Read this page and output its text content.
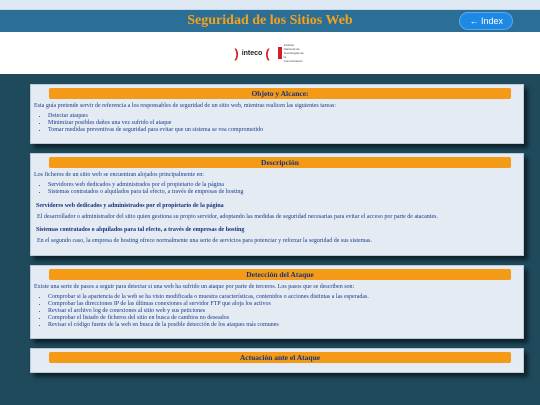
Seguridad de los Sitios Web	← Index
) inteco (
Instituto Nacional de Tecnologías de la Comunicación
Objeto y Alcance:

Esta guía pretende servir de referencia a los responsables de seguridad de un sitio web, mientras realicen las siguientes tareas:

• Detectar ataques
• Minimizar posibles daños una vez sufrido el ataque
• Tomar medidas preventivas de seguridad para evitar que un sistema se vea comprometido
Descripción

Los ficheros de un sitio web se encuentran alojados principalmente en:

• Servidores web dedicados y administrados por el propietario de la página
• Sistemas contratados o alquilados para tal efecto, a través de empresas de hosting
Servidores web dedicados y administrados por el propietario de la página

El desarrollador o administrador del sitio quien gestiona su propio servidor, adoptando las medidas de seguridad necesarias para evitar el acceso por parte de atacantes.

Sistemas contratados o alquilados para tal efecto, a través de empresas de hosting

En el segundo caso, la empresa de hosting ofrece normalmente una serie de servicios para potenciar y reforzar la seguridad de sus sistemas.

Detección del Ataque

Existe una serie de pasos a seguir para detectar si una web ha sufrido un ataque por parte de terceros. Los pasos que se describen son:

• Comprobar si la apariencia de la web se ha visto modificada o muestra características, contenidos o acciones distintas a las esperadas.
• Comprobar las direcciones IP de las últimas conexiones al servidor FTP que aloja los activos
• Revisar el archivo log de conexiones al sitio web y sus peticiones
• Comprobar el listado de ficheros del sitio en busca de cambios no deseados
• Revisar el código fuente de la web en busca de la posible detección de los ataques más comunes
Actuación ante el Ataque
